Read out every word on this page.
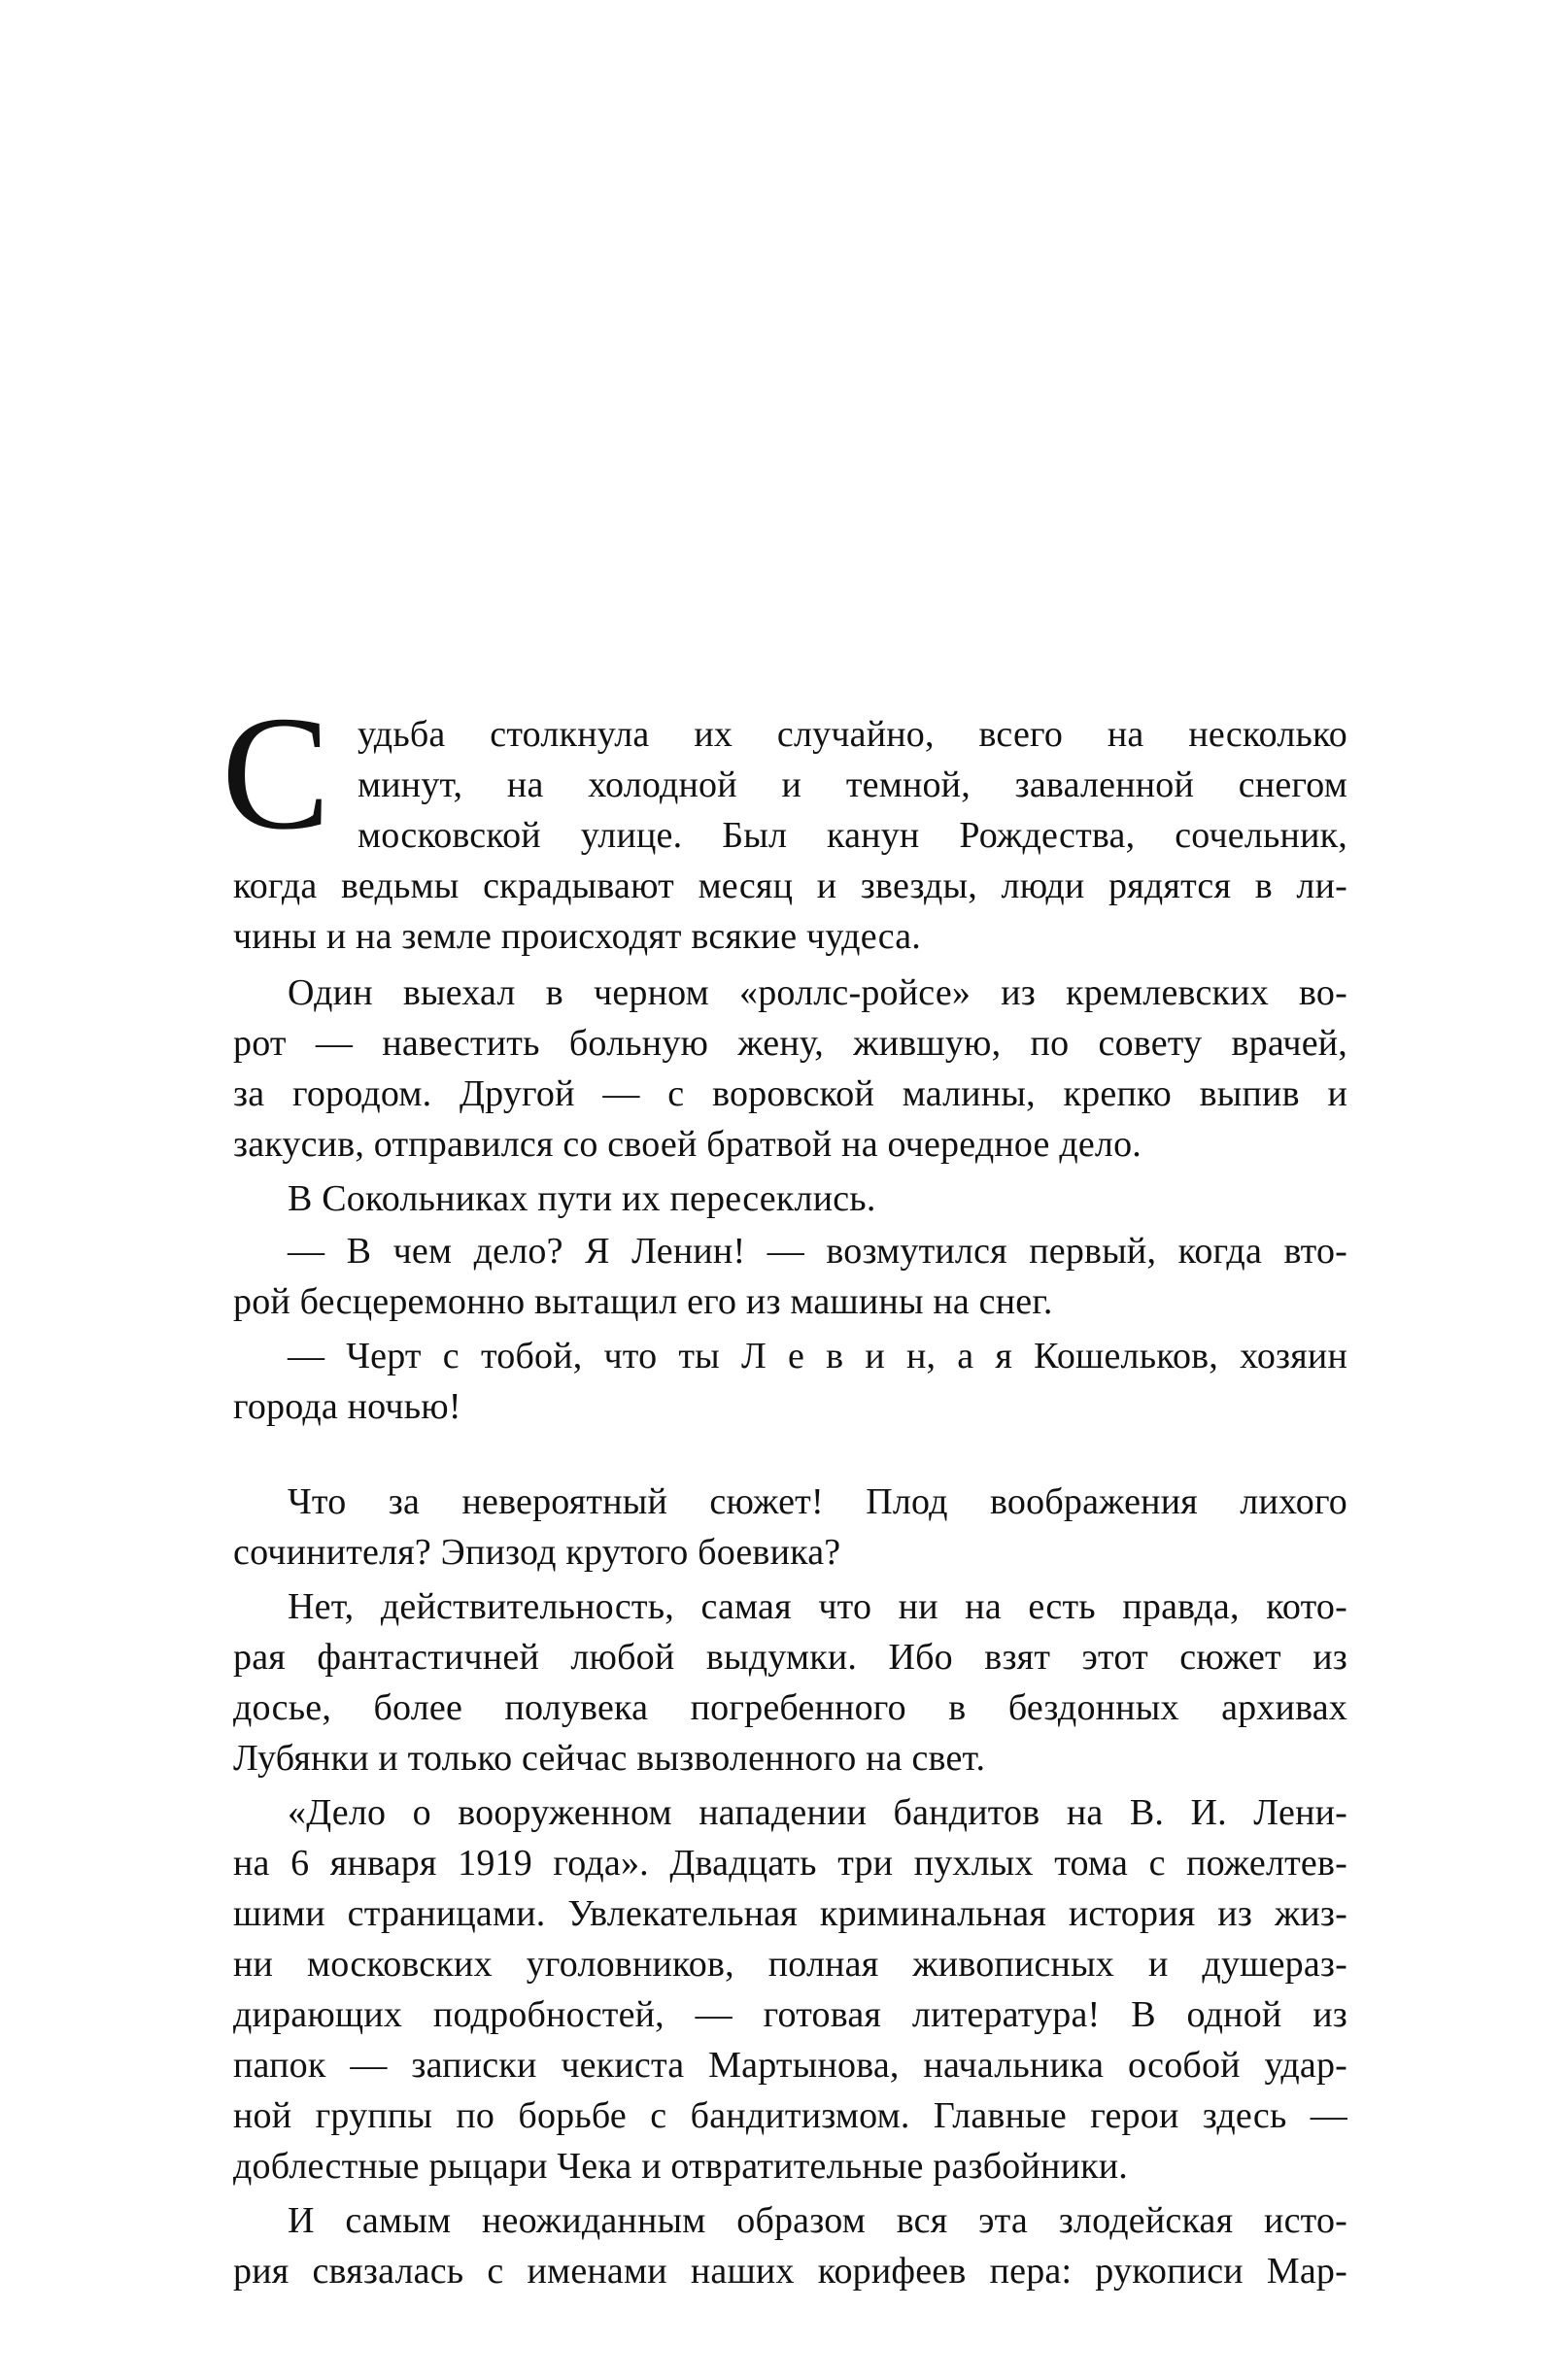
С удьба столкнула их случайно, всего на несколько
минут, на холодной и темной, заваленной снегом
московской улице. Был канун Рождества, сочельник,
когда ведьмы скрадывают месяц и звезды, люди рядятся в ли-
чины и на земле происходят всякие чудеса.
Один выехал в черном «роллс-ройсе» из кремлевских во-
рот — навестить больную жену, жившую, по совету врачей,
за городом. Другой — с воровской малины, крепко выпив и
закусив, отправился со своей братвой на очередное дело.
В Сокольниках пути их пересеклись.
— В чем дело? Я Ленин! — возмутился первый, когда вто-
рой бесцеремонно вытащил его из машины на снег.
— Черт с тобой, что ты Л е в и н, а я Кошельков, хозяин
города ночью!
Что за невероятный сюжет! Плод воображения лихого
сочинителя? Эпизод крутого боевика?
Нет, действительность, самая что ни на есть правда, кото-
рая фантастичней любой выдумки. Ибо взят этот сюжет из
досье, более полувека погребенного в бездонных архивах
Лубянки и только сейчас вызволенного на свет.
«Дело о вооруженном нападении бандитов на В. И. Лени-
на 6 января 1919 года». Двадцать три пухлых тома с пожелтев-
шими страницами. Увлекательная криминальная история из жиз-
ни московских уголовников, полная живописных и душераз-
дирающих подробностей, — готовая литература! В одной из
папок — записки чекиста Мартынова, начальника особой удар-
ной группы по борьбе с бандитизмом. Главные герои здесь —
доблестные рыцари Чека и отвратительные разбойники.
И самым неожиданным образом вся эта злодейская исто-
рия связалась с именами наших корифеев пера: рукописи Мар-
